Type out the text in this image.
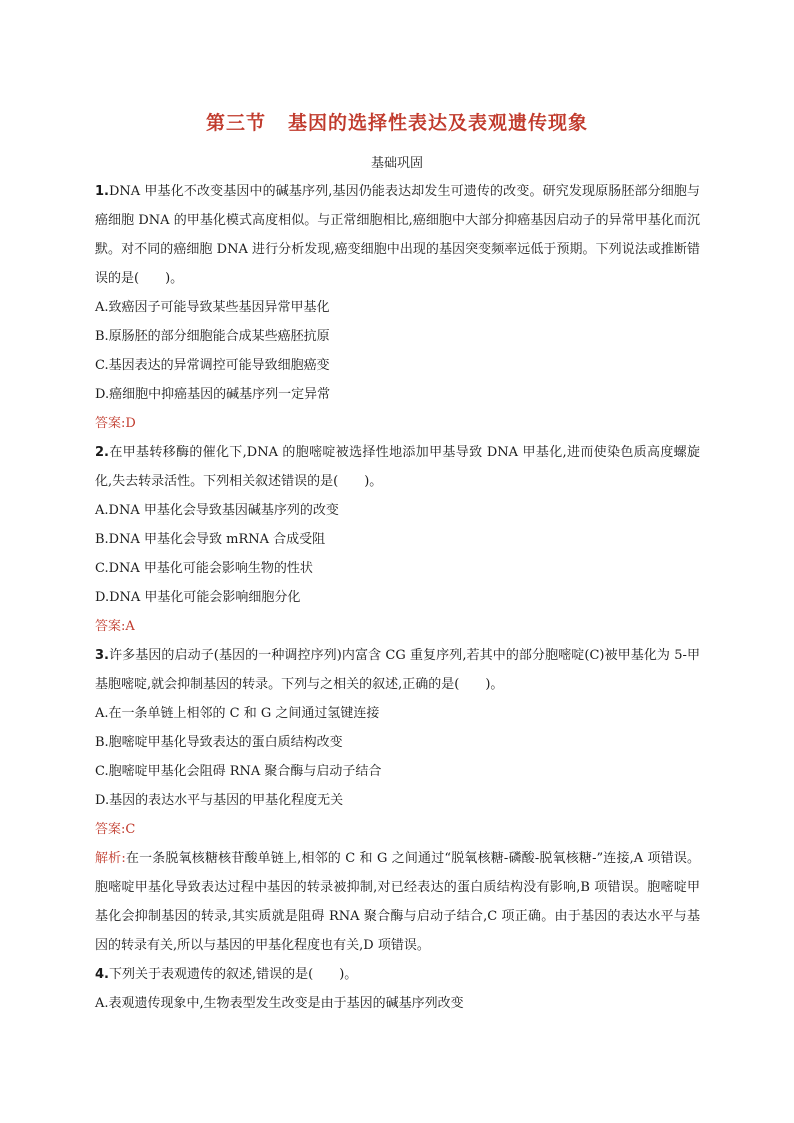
第三节 基因的选择性表达及表观遗传现象
基础巩固

1.DNA 甲基化不改变基因中的碱基序列,基因仍能表达却发生可遗传的改变。研究发现原肠胚部分细胞与癌细胞 DNA 的甲基化模式高度相似。与正常细胞相比,癌细胞中大部分抑癌基因启动子的异常甲基化而沉默。对不同的癌细胞 DNA 进行分析发现,癌变细胞中出现的基因突变频率远低于预期。下列说法或推断错误的是(　　)。

A.致癌因子可能导致某些基因异常甲基化

B.原肠胚的部分细胞能合成某些癌胚抗原

C.基因表达的异常调控可能导致细胞癌变

D.癌细胞中抑癌基因的碱基序列一定异常

答案:D

2.在甲基转移酶的催化下,DNA 的胞嘧啶被选择性地添加甲基导致 DNA 甲基化,进而使染色质高度螺旋化,失去转录活性。下列相关叙述错误的是(　　)。

A.DNA 甲基化会导致基因碱基序列的改变

B.DNA 甲基化会导致 mRNA 合成受阻

C.DNA 甲基化可能会影响生物的性状

D.DNA 甲基化可能会影响细胞分化

答案:A

3.许多基因的启动子(基因的一种调控序列)内富含 CG 重复序列,若其中的部分胞嘧啶(C)被甲基化为 5-甲基胞嘧啶,就会抑制基因的转录。下列与之相关的叙述,正确的是(　　)。

A.在一条单链上相邻的 C 和 G 之间通过氢键连接

B.胞嘧啶甲基化导致表达的蛋白质结构改变

C.胞嘧啶甲基化会阻碍 RNA 聚合酶与启动子结合

D.基因的表达水平与基因的甲基化程度无关

答案:C

解析:在一条脱氧核糖核苷酸单链上,相邻的 C 和 G 之间通过“脱氧核糖-磷酸-脱氧核糖-”连接,A 项错误。胞嘧啶甲基化导致表达过程中基因的转录被抑制,对已经表达的蛋白质结构没有影响,B 项错误。胞嘧啶甲基化会抑制基因的转录,其实质就是阻碍 RNA 聚合酶与启动子结合,C 项正确。由于基因的表达水平与基因的转录有关,所以与基因的甲基化程度也有关,D 项错误。

4.下列关于表观遗传的叙述,错误的是(　　)。

A.表观遗传现象中,生物表型发生改变是由于基因的碱基序列改变
